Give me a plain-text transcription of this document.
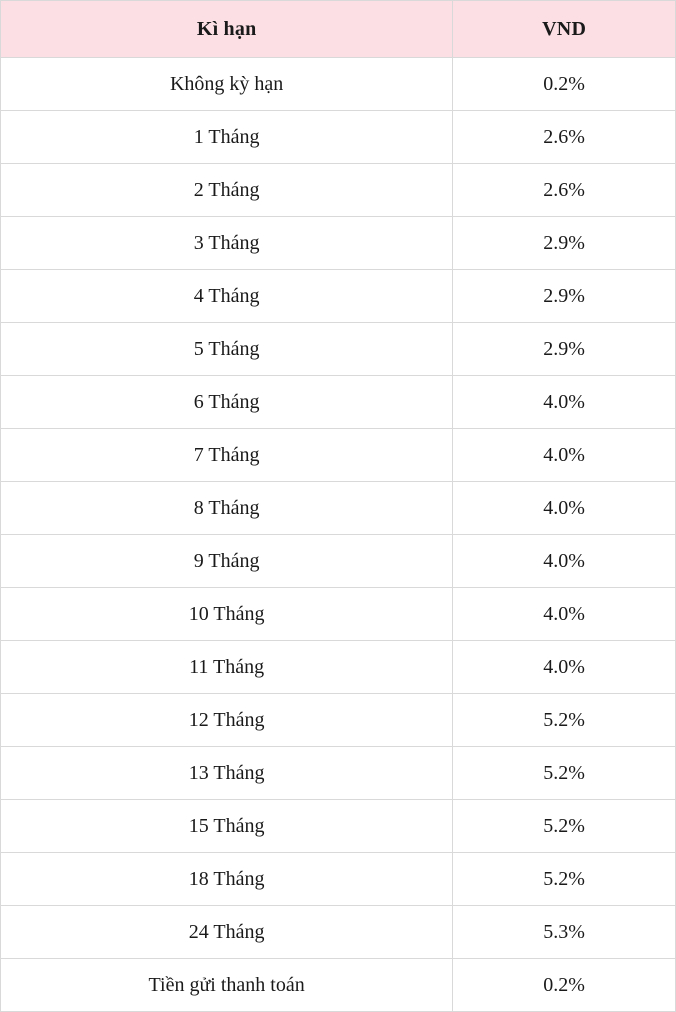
Kì hạn	VND
Không kỳ hạn	0.2%
1 Tháng	2.6%
2 Tháng	2.6%
3 Tháng	2.9%
4 Tháng	2.9%
5 Tháng	2.9%
6 Tháng	4.0%
7 Tháng	4.0%
8 Tháng	4.0%
9 Tháng	4.0%
10 Tháng	4.0%
11 Tháng	4.0%
12 Tháng	5.2%
13 Tháng	5.2%
15 Tháng	5.2%
18 Tháng	5.2%
24 Tháng	5.3%
Tiền gửi thanh toán	0.2%
